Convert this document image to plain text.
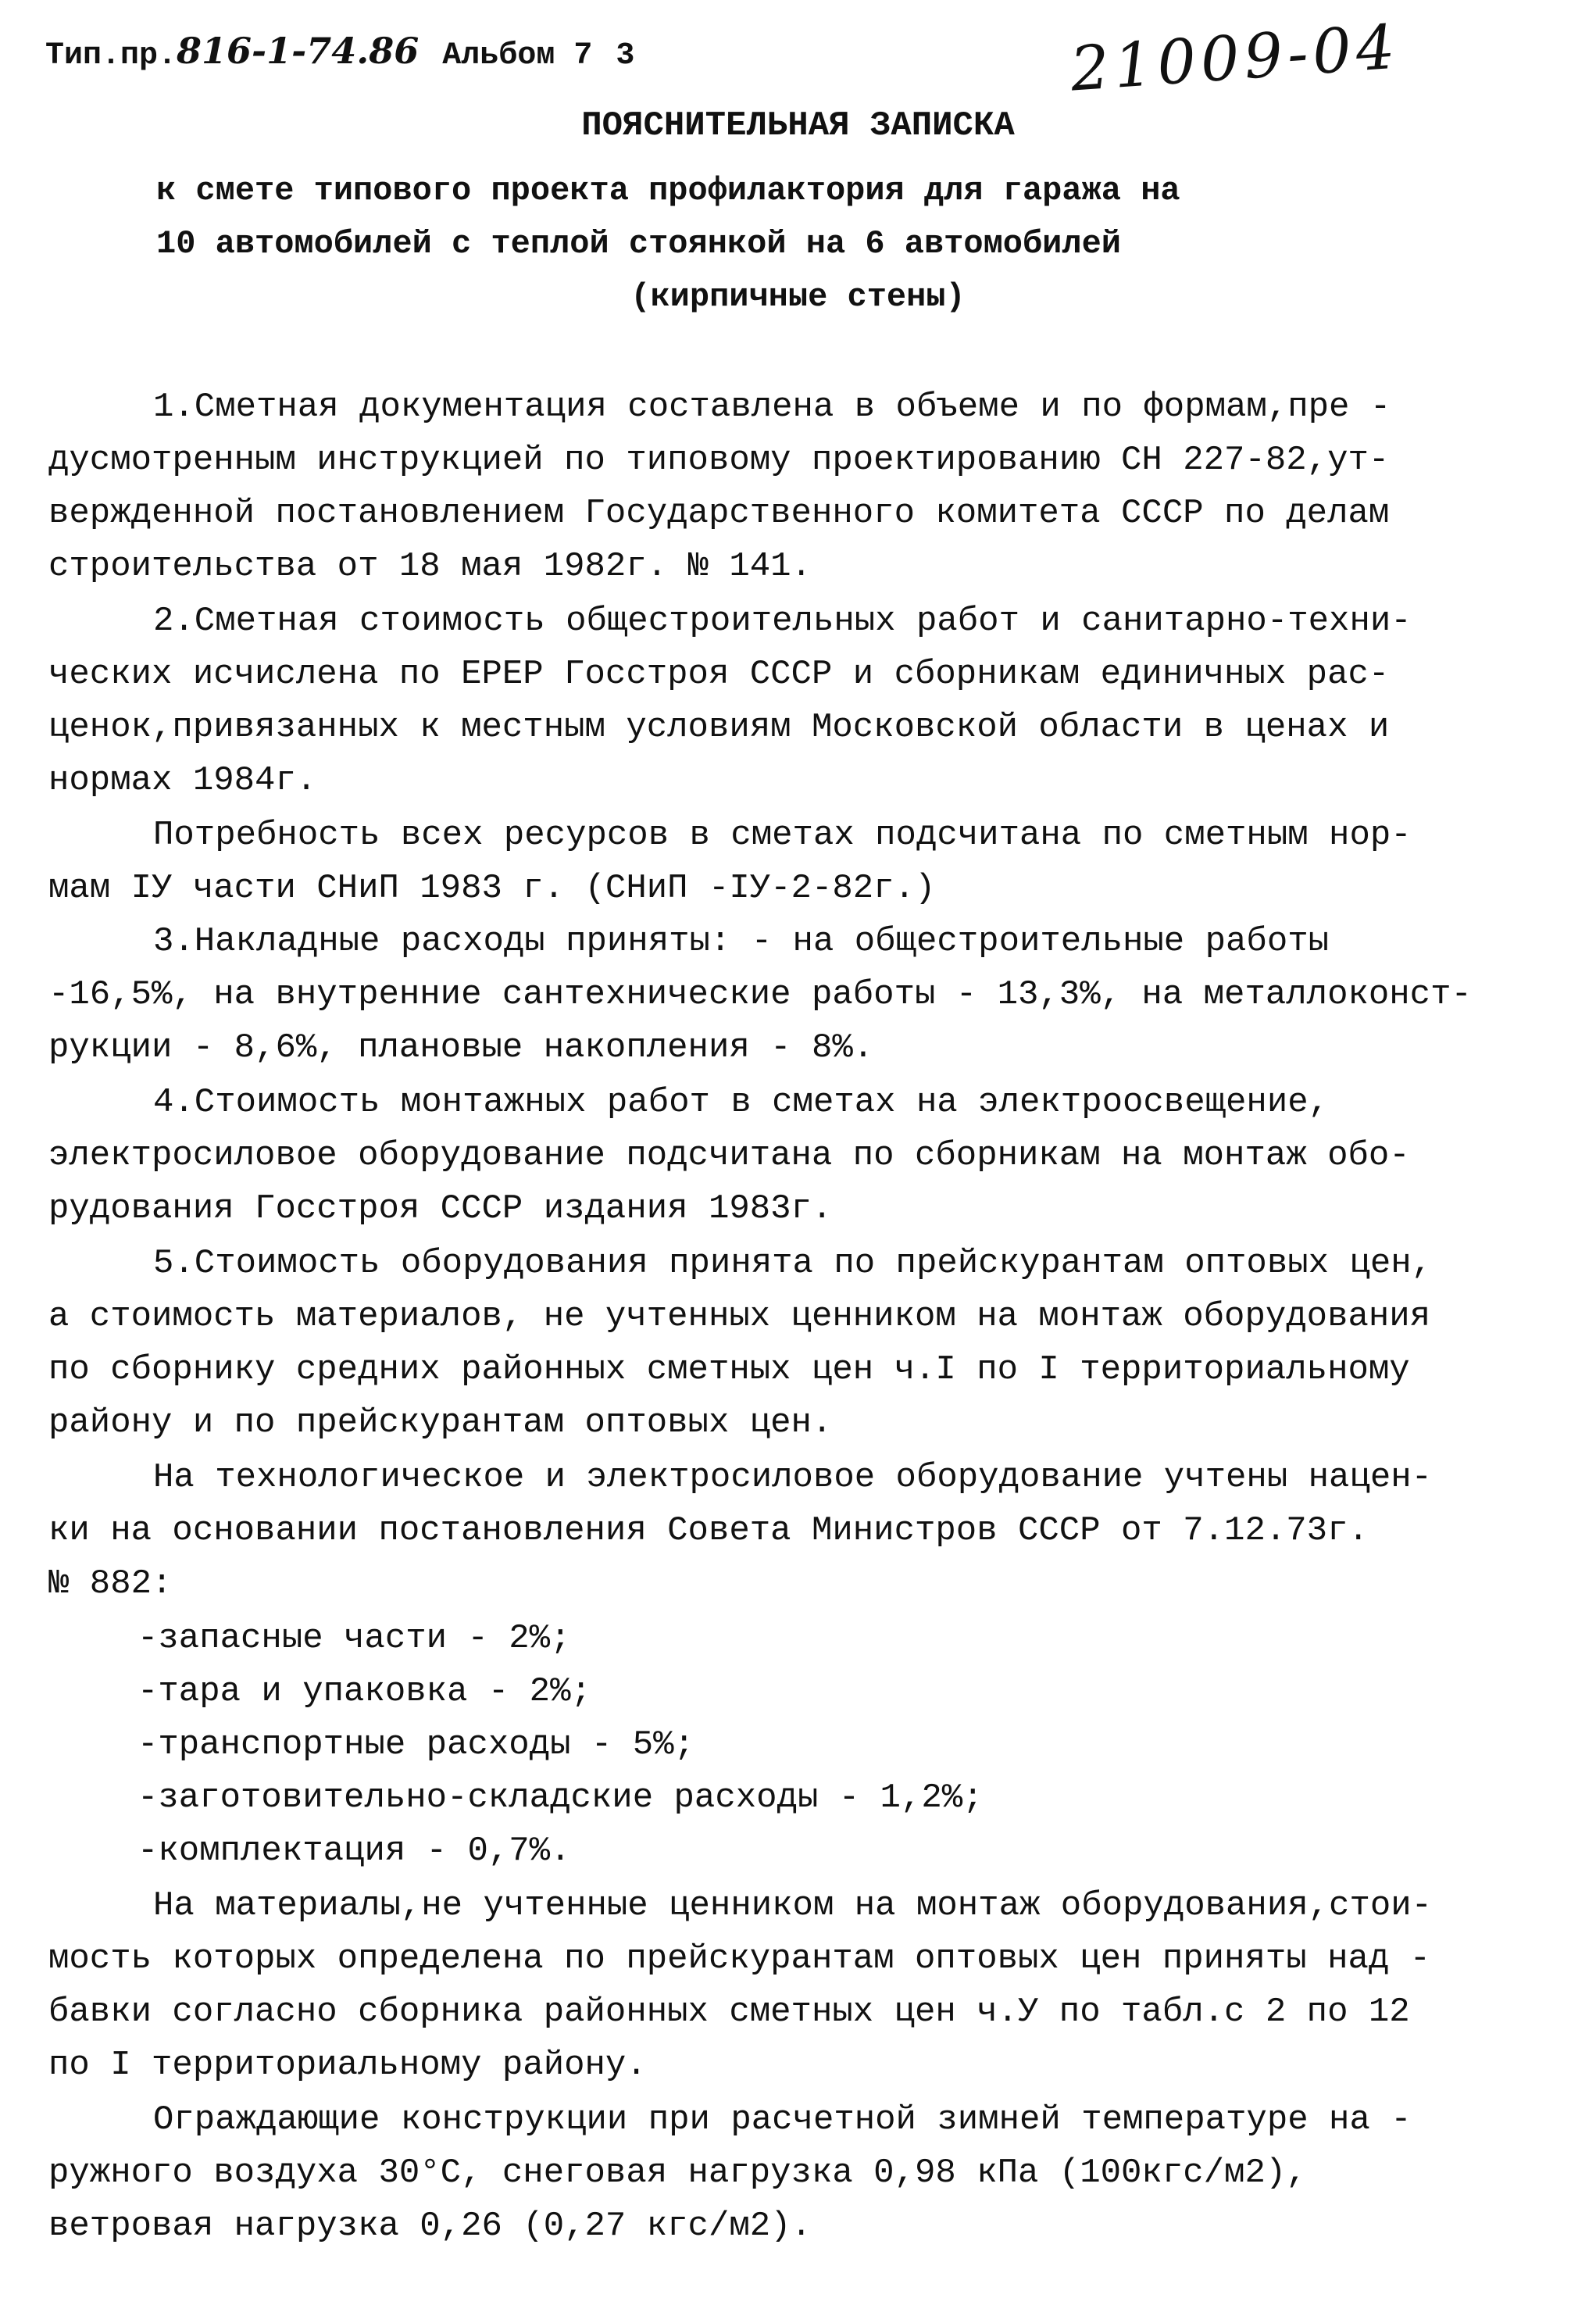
Тип.пр.816-1-74.86 Альбом 7 3	21009-04
ПОЯСНИТЕЛЬНАЯ ЗАПИСКА
к смете типового проекта профилактория для гаража на
10 автомобилей с теплой стоянкой на 6 автомобилей
(кирпичные стены)
1.Сметная документация составлена в объеме и по формам,пре -
дусмотренным инструкцией по типовому проектированию СН 227-82,ут-
вержденной постановлением Государственного комитета СССР по делам
строительства от 18 мая 1982г. № 141.
2.Сметная стоимость общестроительных работ и санитарно-техни-
ческих исчислена по ЕРЕР Госстроя СССР и сборникам единичных рас-
ценок,привязанных к местным условиям Московской области в ценах и
нормах 1984г.
Потребность всех ресурсов в сметах подсчитана по сметным нор-
мам IУ части СНиП 1983 г. (СНиП -IУ-2-82г.)
3.Накладные расходы приняты: - на общестроительные работы
-16,5%, на внутренние сантехнические работы - 13,3%, на металлоконст-
рукции - 8,6%, плановые накопления - 8%.
4.Стоимость монтажных работ в сметах на электроосвещение,
электросиловое оборудование подсчитана по сборникам на монтаж обо-
рудования Госстроя СССР издания 1983г.
5.Стоимость оборудования принята по прейскурантам оптовых цен,
а стоимость материалов, не учтенных ценником на монтаж оборудования
по сборнику средних районных сметных цен ч.I по I территориальному
району и по прейскурантам оптовых цен.
На технологическое и электросиловое оборудование учтены нацен-
ки на основании постановления Совета Министров СССР от 7.12.73г.
№ 882:
-запасные части - 2%;
-тара и упаковка - 2%;
-транспортные расходы - 5%;
-заготовительно-складские расходы - 1,2%;
-комплектация - 0,7%.
На материалы,не учтенные ценником на монтаж оборудования,стои-
мость которых определена по прейскурантам оптовых цен приняты над -
бавки согласно сборника районных сметных цен ч.У по табл.с 2 по 12
по I территориальному району.
Ограждающие конструкции при расчетной зимней температуре на -
ружного воздуха 30°С, снеговая нагрузка 0,98 кПа (100кгс/м2),
ветровая нагрузка 0,26 (0,27 кгс/м2).
